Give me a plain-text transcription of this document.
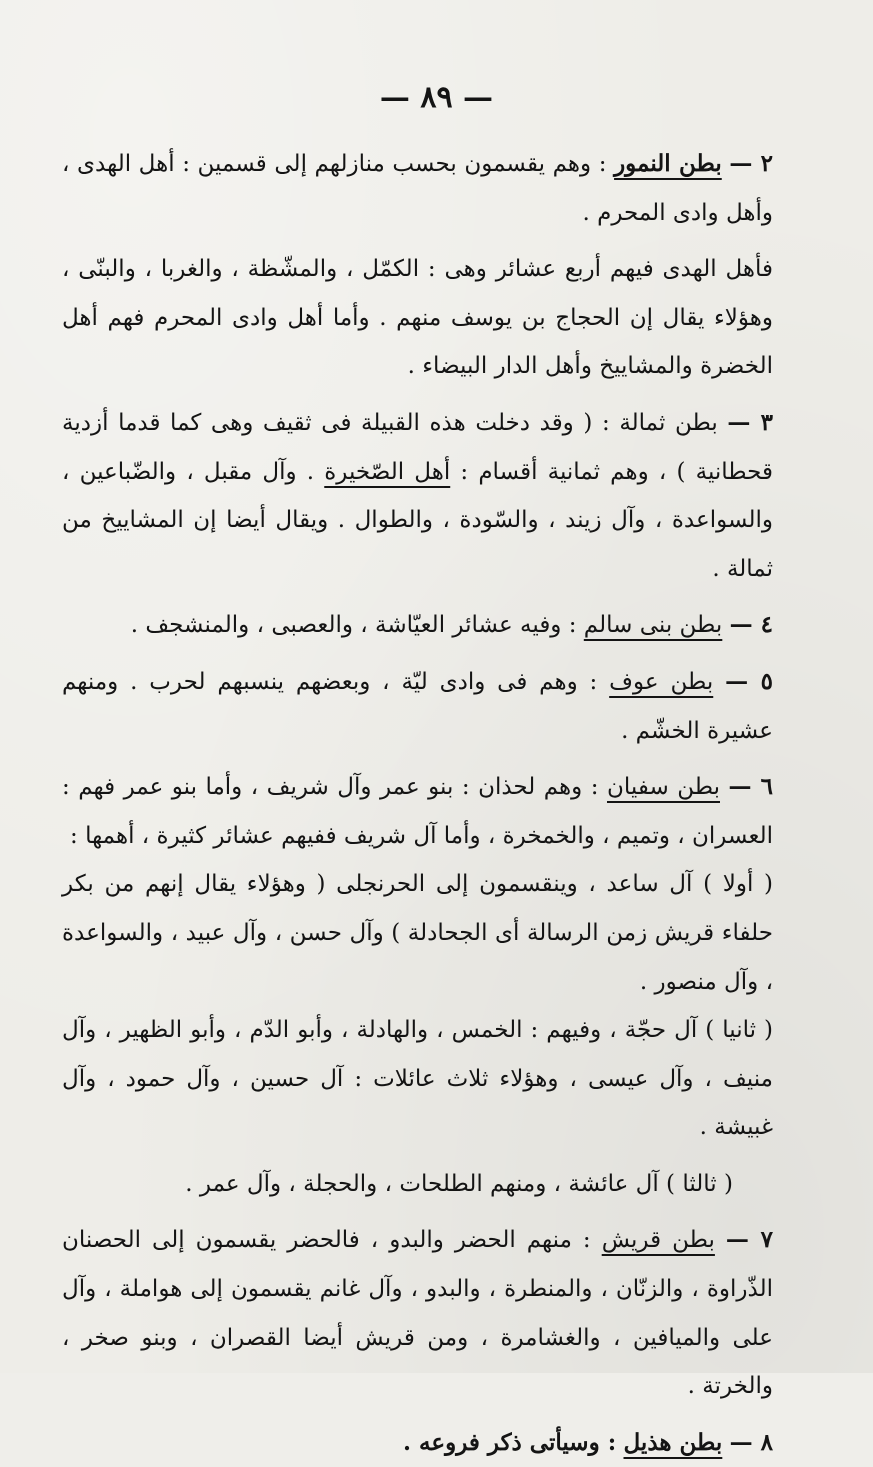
— ٨٩ —

٢ — بطن النمور : وهم يقسمون بحسب منازلهم إلى قسمين : أهل الهدى ، وأهل وادى المحرم .

فأهل الهدى فيهم أربع عشائر وهى : الكمّل ، والمشّظة ، والغربا ، والبنّى ، وهؤلاء يقال إن الحجاج بن يوسف منهم . وأما أهل وادى المحرم فهم أهل الخضرة والمشاييخ وأهل الدار البيضاء .

٣ — بطن ثمالة : ( وقد دخلت هذه القبيلة فى ثقيف وهى كما قدما أزدية قحطانية ) ، وهم ثمانية أقسام : أهل الصّخيرة . وآل مقبل ، والضّباعين ، والسواعدة ، وآل زيند ، والسّودة ، والطوال . ويقال أيضا إن المشاييخ من ثمالة .

٤ — بطن بنى سالم : وفيه عشائر العيّاشة ، والعصبى ، والمنشجف .

٥ — بطن عوف : وهم فى وادى ليّة ، وبعضهم ينسبهم لحرب . ومنهم عشيرة الخشّم .

٦ — بطن سفيان : وهم لحذان : بنو عمر وآل شريف ، وأما بنو عمر فهم : العسران ، وتميم ، والخمخرة ، وأما آل شريف ففيهم عشائر كثيرة ، أهمها :

( أولا ) آل ساعد ، وينقسمون إلى الحرنجلى ( وهؤلاء يقال إنهم من بكر حلفاء قريش زمن الرسالة أى الجحادلة ) وآل حسن ، وآل عبيد ، والسواعدة ، وآل منصور .

( ثانيا ) آل حجّة ، وفيهم : الخمس ، والهادلة ، وأبو الدّم ، وأبو الظهير ، وآل منيف ، وآل عيسى ، وهؤلاء ثلاث عائلات : آل حسين ، وآل حمود ، وآل غبيشة .

( ثالثا ) آل عائشة ، ومنهم الطلحات ، والحجلة ، وآل عمر .

٧ — بطن قريش : منهم الحضر والبدو ، فالحضر يقسمون إلى الحصنان الذّراوة ، والزنّان ، والمنطرة ، والبدو ، وآل غانم يقسمون إلى هواملة ، وآل على والميافين ، والغشامرة ، ومن قريش أيضا القصران ، وبنو صخر ، والخرتة .

٨ — بطن هذيل : وسيأتى ذكر فروعه .
